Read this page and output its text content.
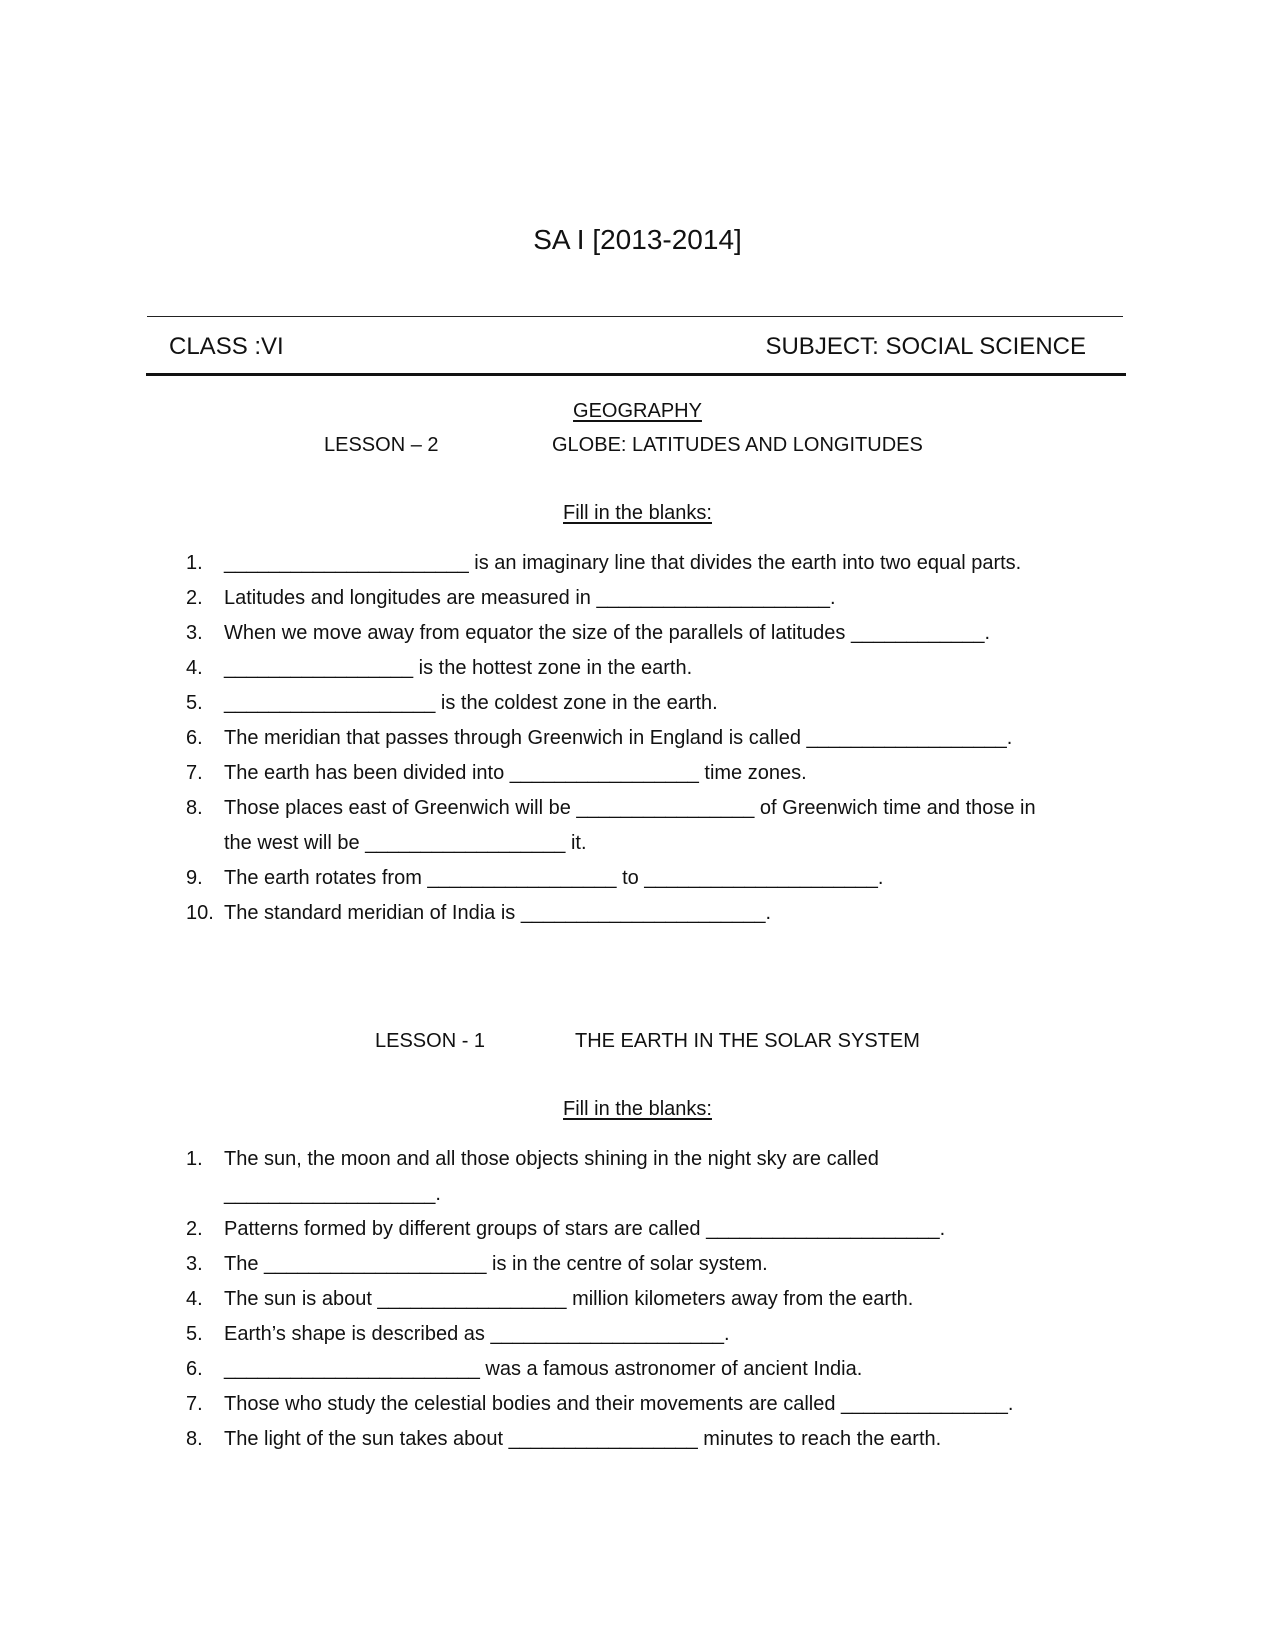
SA I [2013-2014]
CLASS :VI	SUBJECT: SOCIAL SCIENCE
GEOGRAPHY
LESSON – 2	GLOBE: LATITUDES AND LONGITUDES
Fill in the blanks:
1.	______________________ is an imaginary line that divides the earth into two equal parts.
2.	Latitudes and longitudes are measured in _____________________.
3.	When we move away from equator the size of the parallels of latitudes ____________.
4.	_________________ is the hottest zone in the earth.
5.	___________________ is the coldest zone in the earth.
6.	The meridian that passes through Greenwich in England is called __________________.
7.	The earth has been divided into _________________ time zones.
8.	Those places east of Greenwich will be ________________ of Greenwich time and those in the west will be __________________ it.
9.	The earth rotates from _________________ to _____________________.
10. The standard meridian of India is ______________________.
LESSON - 1	THE EARTH IN THE SOLAR SYSTEM
Fill in the blanks:
1.	The sun, the moon and all those objects shining in the night sky are called ___________________.
2.	Patterns formed by different groups of stars are called _____________________.
3.	The ____________________ is in the centre of solar system.
4.	The sun is about _________________ million kilometers away from the earth.
5.	Earth’s shape is described as _____________________.
6.	_______________________ was a famous astronomer of ancient India.
7.	Those who study the celestial bodies and their movements are called _______________.
8.	The light of the sun takes about _________________ minutes to reach the earth.
